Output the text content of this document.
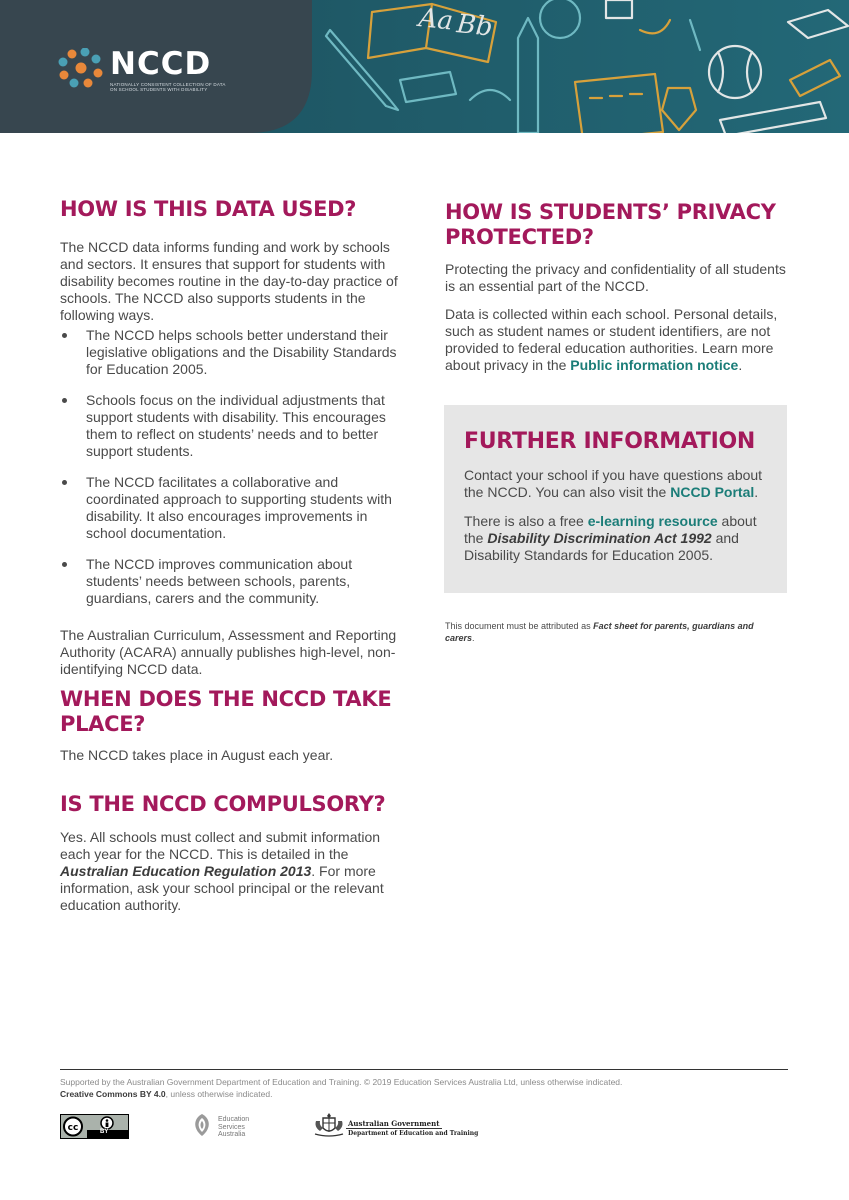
Aa Bb
NCCD
NATIONALLY CONSISTENT COLLECTION OF DATA ON SCHOOL STUDENTS WITH DISABILITY
HOW IS THIS DATA USED?

The NCCD data informs funding and work by schools and sectors. It ensures that support for students with disability becomes routine in the day-to-day practice of schools. The NCCD also supports students in the following ways.

The NCCD helps schools better understand their legislative obligations and the Disability Standards for Education 2005.
Schools focus on the individual adjustments that support students with disability. This encourages them to reflect on students’ needs and to better support students.
The NCCD facilitates a collaborative and coordinated approach to supporting students with disability. It also encourages improvements in school documentation.
The NCCD improves communication about students’ needs between schools, parents, guardians, carers and the community.

The Australian Curriculum, Assessment and Reporting Authority (ACARA) annually publishes high-level, non-identifying NCCD data.

WHEN DOES THE NCCD TAKE PLACE?

The NCCD takes place in August each year.

IS THE NCCD COMPULSORY?

Yes. All schools must collect and submit information each year for the NCCD. This is detailed in the Australian Education Regulation 2013. For more information, ask your school principal or the relevant education authority.

HOW IS STUDENTS’ PRIVACY PROTECTED?

Protecting the privacy and confidentiality of all students is an essential part of the NCCD.

Data is collected within each school. Personal details, such as student names or student identifiers, are not provided to federal education authorities. Learn more about privacy in the Public information notice.

FURTHER INFORMATION

Contact your school if you have questions about the NCCD. You can also visit the NCCD Portal.

There is also a free e-learning resource about the Disability Discrimination Act 1992 and Disability Standards for Education 2005.

This document must be attributed as Fact sheet for parents, guardians and carers.
Supported by the Australian Government Department of Education and Training. © 2019 Education Services Australia Ltd, unless otherwise indicated.
Creative Commons BY 4.0, unless otherwise indicated.
cc	BY
Education
Services
Australia
Australian Government
Department of Education and Training
